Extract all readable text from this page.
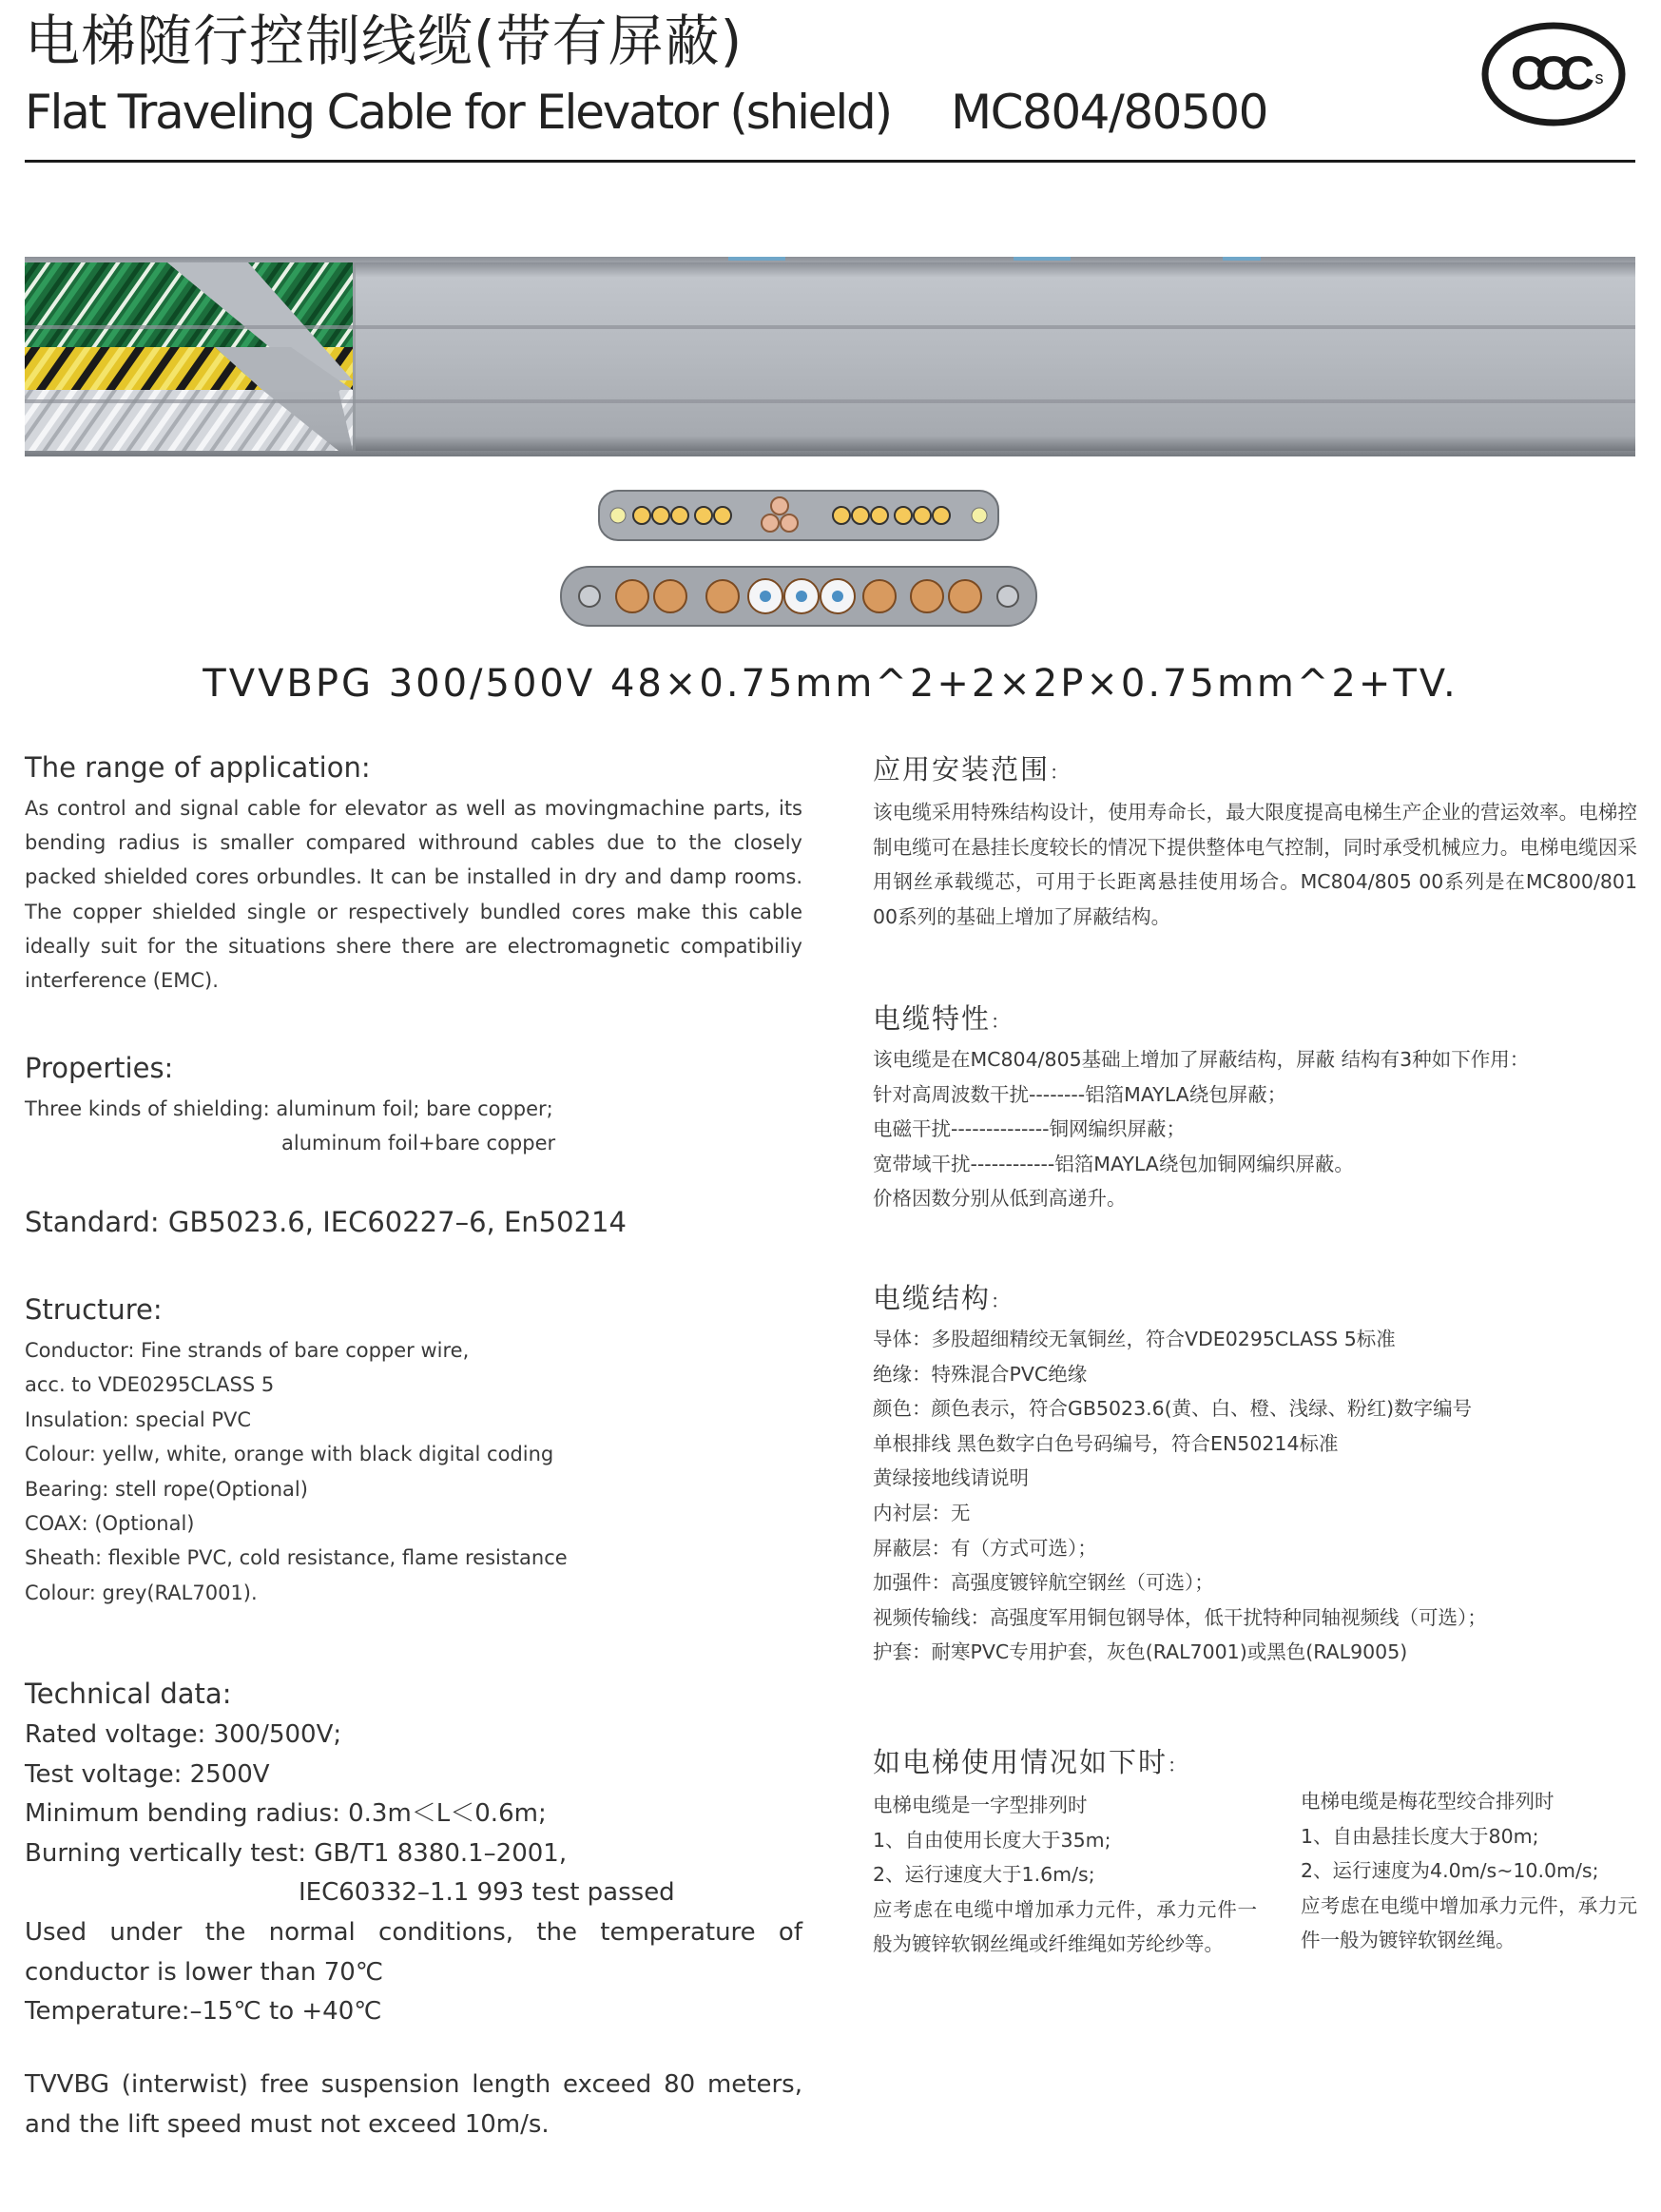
电梯随行控制线缆(带有屏蔽)
Flat Traveling Cable for Elevator (shield) MC804/80500
CCC s
TVVBPG 300/500V 48×0.75mm^2+2×2P×0.75mm^2+TV.
The range of application:
As control and signal cable for elevator as well as movingmachine parts, its bending radius is smaller compared withround cables due to the closely packed shielded cores orbundles. It can be installed in dry and damp rooms. The copper shielded single or respectively bundled cores make this cable ideally suit for the situations shere there are electromagnetic compatibiliy interference (EMC).
Properties:
Three kinds of shielding: aluminum foil; bare copper;
aluminum foil+bare copper
Standard: GB5023.6, IEC60227–6, En50214
Structure:
Conductor: Fine strands of bare copper wire,
acc. to VDE0295CLASS 5
Insulation: special PVC
Colour: yellw, white, orange with black digital coding
Bearing: stell rope(Optional)
COAX: (Optional)
Sheath: flexible PVC, cold resistance, flame resistance
Colour: grey(RAL7001).
Technical data:
Rated voltage: 300/500V;
Test voltage: 2500V
Minimum bending radius: 0.3m＜L＜0.6m;
Burning vertically test: GB/T1 8380.1–2001,
IEC60332–1.1 993 test passed
Used under the normal conditions, the temperature of conductor is lower than 70℃
Temperature:–15℃ to +40℃
TVVBG (interwist) free suspension length exceed 80 meters, and the lift speed must not exceed 10m/s.
应用安装范围：
该电缆采用特殊结构设计，使用寿命长，最大限度提高电梯生产企业的营运效率。电梯控制电缆可在悬挂长度较长的情况下提供整体电气控制，同时承受机械应力。电梯电缆因采用钢丝承载缆芯，可用于长距离悬挂使用场合。MC804/805 00系列是在MC800/801 00系列的基础上增加了屏蔽结构。
电缆特性：
该电缆是在MC804/805基础上增加了屏蔽结构，屏蔽 结构有3种如下作用：
针对高周波数干扰--------铝箔MAYLA绕包屏蔽；
电磁干扰--------------铜网编织屏蔽；
宽带域干扰------------铝箔MAYLA绕包加铜网编织屏蔽。
价格因数分别从低到高递升。
电缆结构：
导体：多股超细精绞无氧铜丝，符合VDE0295CLASS 5标准
绝缘：特殊混合PVC绝缘
颜色：颜色表示，符合GB5023.6(黄、白、橙、浅绿、粉红)数字编号
单根排线 黑色数字白色号码编号，符合EN50214标准
黄绿接地线请说明
内衬层：无
屏蔽层：有（方式可选）；
加强件：高强度镀锌航空钢丝（可选）；
视频传输线：高强度军用铜包钢导体，低干扰特种同轴视频线（可选）；
护套：耐寒PVC专用护套，灰色(RAL7001)或黑色(RAL9005)
如电梯使用情况如下时：
电梯电缆是一字型排列时
1、自由使用长度大于35m;
2、运行速度大于1.6m/s;
应考虑在电缆中增加承力元件，承力元件一般为镀锌软钢丝绳或纤维绳如芳纶纱等。
电梯电缆是梅花型绞合排列时
1、自由悬挂长度大于80m;
2、运行速度为4.0m/s~10.0m/s;
应考虑在电缆中增加承力元件，承力元件一般为镀锌软钢丝绳。
